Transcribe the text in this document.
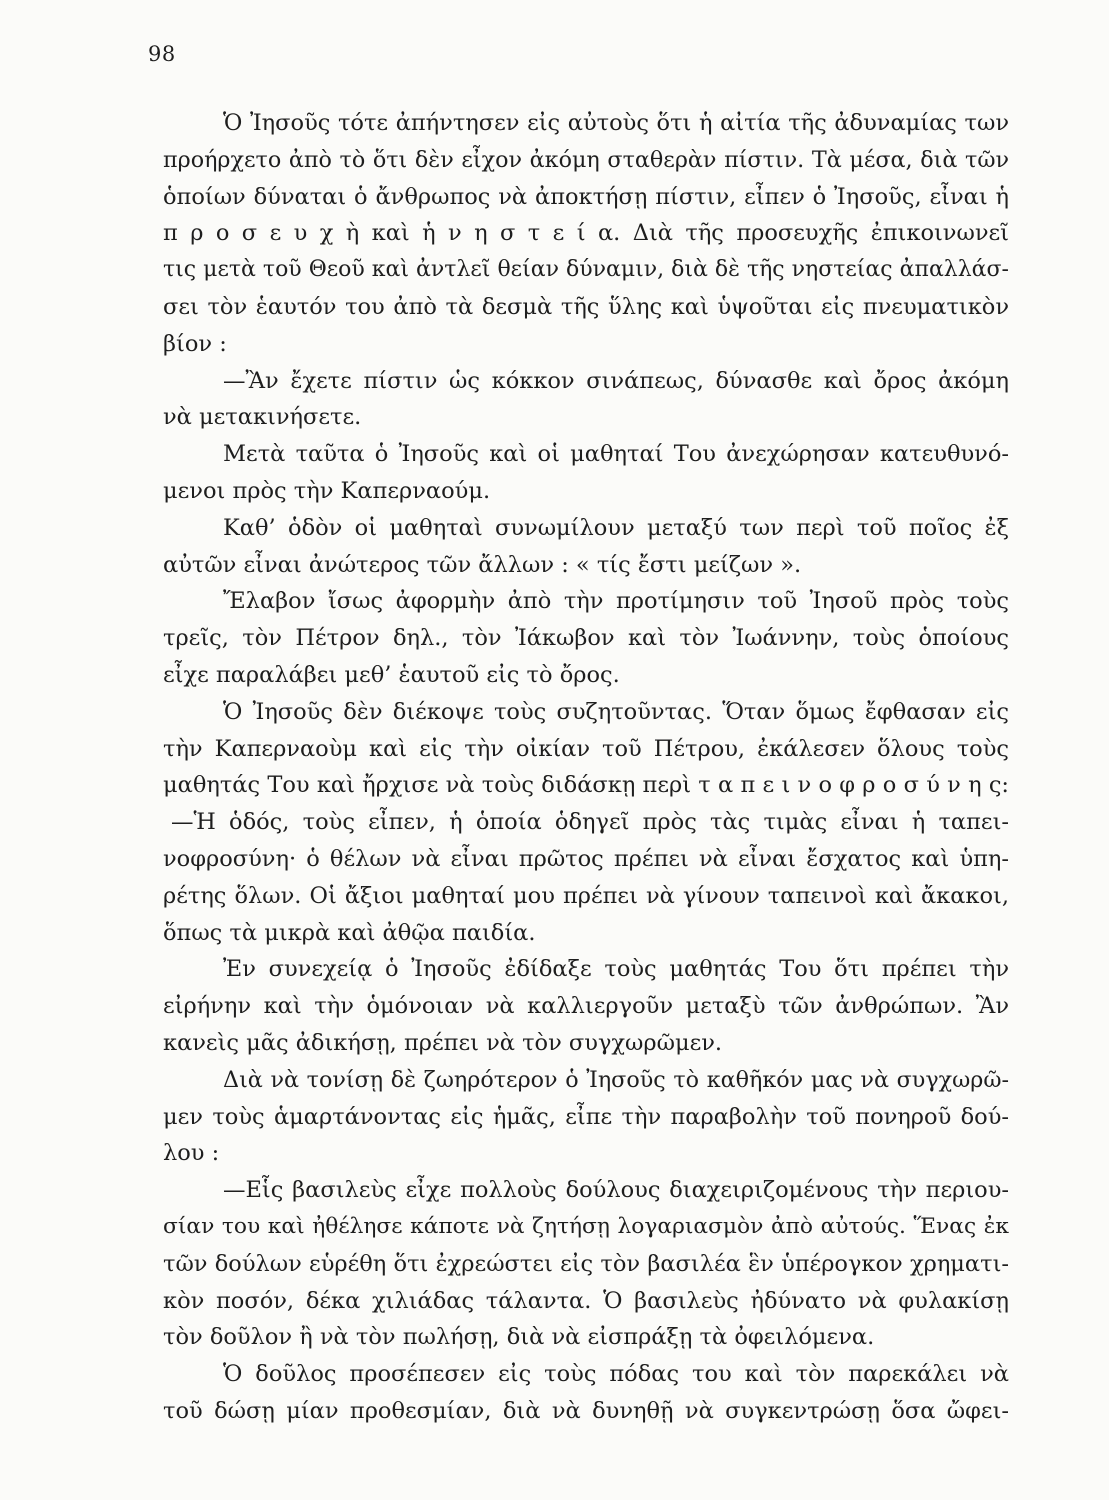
98
Ὁ Ἰησοῦς τότε ἀπήντησεν εἰς αὐτοὺς ὅτι ἡ αἰτία τῆς ἀδυναμίας των
προήρχετο ἀπὸ τὸ ὅτι δὲν εἶχον ἀκόμη σταθερὰν πίστιν. Τὰ μέσα, διὰ τῶν
ὁποίων δύναται ὁ ἄνθρωπος νὰ ἀποκτήσῃ πίστιν, εἶπεν ὁ Ἰησοῦς, εἶναι ἡ
π ρ ο σ ε υ χ ὴ καὶ ἡ ν η σ τ ε ί α. Διὰ τῆς προσευχῆς ἐπικοινωνεῖ
τις μετὰ τοῦ Θεοῦ καὶ ἀντλεῖ θείαν δύναμιν, διὰ δὲ τῆς νηστείας ἀπαλλάσ-
σει τὸν ἑαυτόν του ἀπὸ τὰ δεσμὰ τῆς ὕλης καὶ ὑψοῦται εἰς πνευματικὸν
βίον :
—Ἂν ἔχετε πίστιν ὡς κόκκον σινάπεως, δύνασθε καὶ ὄρος ἀκόμη
νὰ μετακινήσετε.
Μετὰ ταῦτα ὁ Ἰησοῦς καὶ οἱ μαθηταί Του ἀνεχώρησαν κατευθυνό-
μενοι πρὸς τὴν Καπερναούμ.
Καθ’ ὁδὸν οἱ μαθηταὶ συνωμίλουν μεταξύ των περὶ τοῦ ποῖος ἐξ
αὐτῶν εἶναι ἀνώτερος τῶν ἄλλων : « τίς ἔστι μείζων ».
Ἔλαβον ἴσως ἀφορμὴν ἀπὸ τὴν προτίμησιν τοῦ Ἰησοῦ πρὸς τοὺς
τρεῖς, τὸν Πέτρον δηλ., τὸν Ἰάκωβον καὶ τὸν Ἰωάννην, τοὺς ὁποίους
εἶχε παραλάβει μεθ’ ἑαυτοῦ εἰς τὸ ὄρος.
Ὁ Ἰησοῦς δὲν διέκοψε τοὺς συζητοῦντας. Ὅταν ὅμως ἔφθασαν εἰς
τὴν Καπερναοὺμ καὶ εἰς τὴν οἰκίαν τοῦ Πέτρου, ἐκάλεσεν ὅλους τοὺς
μαθητάς Του καὶ ἤρχισε νὰ τοὺς διδάσκῃ περὶ τ α π ε ι ν ο φ ρ ο σ ύ ν η ς:
—Ἡ ὁδός, τοὺς εἶπεν, ἡ ὁποία ὁδηγεῖ πρὸς τὰς τιμὰς εἶναι ἡ ταπει-
νοφροσύνη· ὁ θέλων νὰ εἶναι πρῶτος πρέπει νὰ εἶναι ἔσχατος καὶ ὑπη-
ρέτης ὅλων. Οἱ ἄξιοι μαθηταί μου πρέπει νὰ γίνουν ταπεινοὶ καὶ ἄκακοι,
ὅπως τὰ μικρὰ καὶ ἀθῷα παιδία.
Ἐν συνεχείᾳ ὁ Ἰησοῦς ἐδίδαξε τοὺς μαθητάς Του ὅτι πρέπει τὴν
εἰρήνην καὶ τὴν ὁμόνοιαν νὰ καλλιεργοῦν μεταξὺ τῶν ἀνθρώπων. Ἂν
κανεὶς μᾶς ἀδικήσῃ, πρέπει νὰ τὸν συγχωρῶμεν.
Διὰ νὰ τονίσῃ δὲ ζωηρότερον ὁ Ἰησοῦς τὸ καθῆκόν μας νὰ συγχωρῶ-
μεν τοὺς ἁμαρτάνοντας εἰς ἡμᾶς, εἶπε τὴν παραβολὴν τοῦ πονηροῦ δού-
λου :
—Εἷς βασιλεὺς εἶχε πολλοὺς δούλους διαχειριζομένους τὴν περιου-
σίαν του καὶ ἠθέλησε κάποτε νὰ ζητήσῃ λογαριασμὸν ἀπὸ αὐτούς. Ἕνας ἐκ
τῶν δούλων εὑρέθη ὅτι ἐχρεώστει εἰς τὸν βασιλέα ἓν ὑπέρογκον χρηματι-
κὸν ποσόν, δέκα χιλιάδας τάλαντα. Ὁ βασιλεὺς ἠδύνατο νὰ φυλακίσῃ
τὸν δοῦλον ἢ νὰ τὸν πωλήσῃ, διὰ νὰ εἰσπράξῃ τὰ ὀφειλόμενα.
Ὁ δοῦλος προσέπεσεν εἰς τοὺς πόδας του καὶ τὸν παρεκάλει νὰ
τοῦ δώσῃ μίαν προθεσμίαν, διὰ νὰ δυνηθῇ νὰ συγκεντρώσῃ ὅσα ὤφει-
